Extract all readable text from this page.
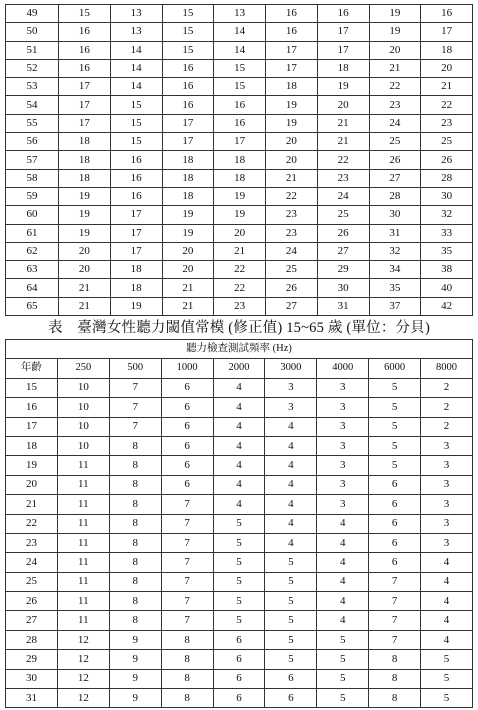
49	15	13	15	13	16	16	19	16
50	16	13	15	14	16	17	19	17
51	16	14	15	14	17	17	20	18
52	16	14	16	15	17	18	21	20
53	17	14	16	15	18	19	22	21
54	17	15	16	16	19	20	23	22
55	17	15	17	16	19	21	24	23
56	18	15	17	17	20	21	25	25
57	18	16	18	18	20	22	26	26
58	18	16	18	18	21	23	27	28
59	19	16	18	19	22	24	28	30
60	19	17	19	19	23	25	30	32
61	19	17	19	20	23	26	31	33
62	20	17	20	21	24	27	32	35
63	20	18	20	22	25	29	34	38
64	21	18	21	22	26	30	35	40
65	21	19	21	23	27	31	37	42
表　臺灣女性聽力閾值常模 (修正值) 15~65 歲 (單位：分貝)
聽力檢查測試頻率 (Hz)								
年齡	250	500	1000	2000	3000	4000	6000	8000
15	10	7	6	4	3	3	5	2
16	10	7	6	4	3	3	5	2
17	10	7	6	4	4	3	5	2
18	10	8	6	4	4	3	5	3
19	11	8	6	4	4	3	5	3
20	11	8	6	4	4	3	6	3
21	11	8	7	4	4	3	6	3
22	11	8	7	5	4	4	6	3
23	11	8	7	5	4	4	6	3
24	11	8	7	5	5	4	6	4
25	11	8	7	5	5	4	7	4
26	11	8	7	5	5	4	7	4
27	11	8	7	5	5	4	7	4
28	12	9	8	6	5	5	7	4
29	12	9	8	6	5	5	8	5
30	12	9	8	6	6	5	8	5
31	12	9	8	6	6	5	8	5
